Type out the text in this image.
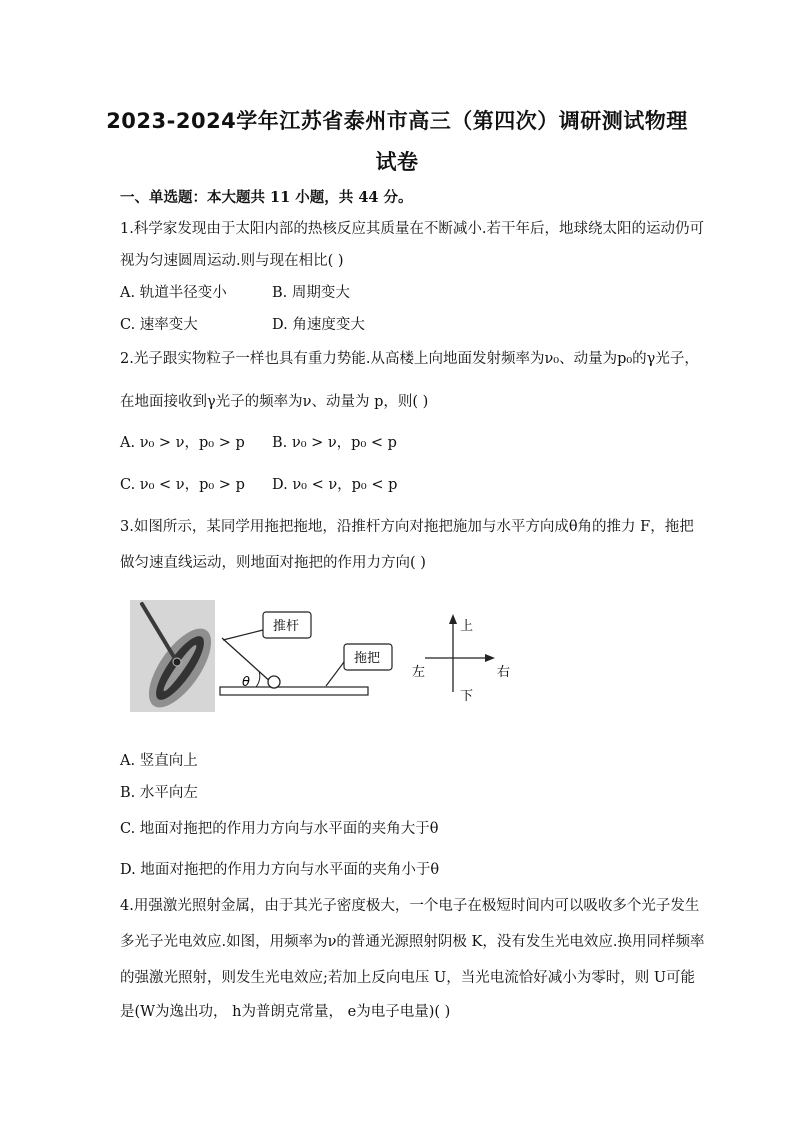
2023-2024学年江苏省泰州市高三（第四次）调研测试物理
试卷
一、单选题：本大题共 11 小题，共 44 分。
1.科学家发现由于太阳内部的热核反应其质量在不断减小.若干年后，地球绕太阳的运动仍可
视为匀速圆周运动.则与现在相比( )
A. 轨道半径变小	B. 周期变大
C. 速率变大	D. 角速度变大
2.光子跟实物粒子一样也具有重力势能.从高楼上向地面发射频率为ν₀、动量为p₀的γ光子，
在地面接收到γ光子的频率为ν、动量为 p，则( )
A. ν₀ > ν，p₀ > p B. ν₀ > ν，p₀ < p
C. ν₀ < ν，p₀ > p D. ν₀ < ν，p₀ < p
3.如图所示，某同学用拖把拖地，沿推杆方向对拖把施加与水平方向成θ角的推力 F，拖把
做匀速直线运动，则地面对拖把的作用力方向( )
θ
推杆
拖把
上
下
左	右
A. 竖直向上
B. 水平向左
C. 地面对拖把的作用力方向与水平面的夹角大于θ
D. 地面对拖把的作用力方向与水平面的夹角小于θ
4.用强激光照射金属，由于其光子密度极大，一个电子在极短时间内可以吸收多个光子发生
多光子光电效应.如图，用频率为ν的普通光源照射阴极 K，没有发生光电效应.换用同样频率
的强激光照射，则发生光电效应;若加上反向电压 U，当光电流恰好减小为零时，则 U可能
是(W为逸出功， h为普朗克常量， e为电子电量)( )
